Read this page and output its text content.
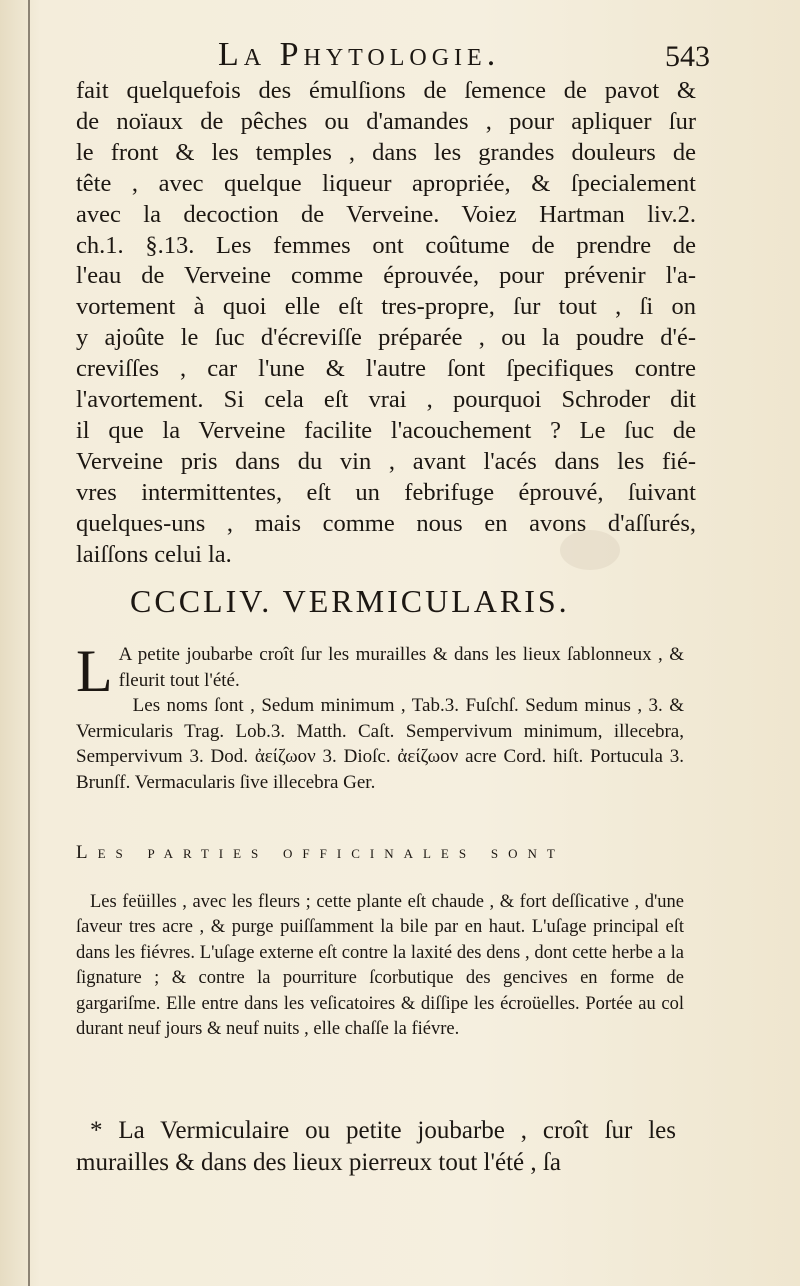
La Phytologie.	543
fait quelquefois des émulſions de ſemence de pavot &
de noïaux de pêches ou d'amandes , pour apliquer ſur
le front & les temples , dans les grandes douleurs de
tête , avec quelque liqueur apropriée, & ſpecialement
avec la decoction de Verveine. Voiez Hartman liv.2.
ch.1. §.13. Les femmes ont coûtume de prendre de
l'eau de Verveine comme éprouvée, pour prévenir l'a-
vortement à quoi elle eſt tres-propre, ſur tout , ſi on
y ajoûte le ſuc d'écreviſſe préparée , ou la poudre d'é-
creviſſes , car l'une & l'autre ſont ſpecifiques contre
l'avortement. Si cela eſt vrai , pourquoi Schroder dit
il que la Verveine facilite l'acouchement ? Le ſuc de
Verveine pris dans du vin , avant l'acés dans les fié-
vres intermittentes, eſt un febrifuge éprouvé, ſuivant
quelques-uns , mais comme nous en avons d'aſſurés,
laiſſons celui la.
CCCLIV. VERMICULARIS.
L A petite joubarbe croît ſur les murailles & dans les lieux ſablonneux , & fleurit tout l'été.

Les noms ſont , Sedum minimum , Tab.3. Fuſchſ. Sedum minus , 3. & Vermicularis Trag. Lob.3. Matth. Caſt. Sempervivum minimum, illecebra, Sempervivum 3. Dod. ἀείζωον 3. Dioſc. ἀείζωον acre Cord. hiſt. Portucula 3. Brunſf. Vermacularis ſive illecebra Ger.

Les parties officinales sont

Les feüilles , avec les fleurs ; cette plante eſt chaude , & fort deſſicative , d'une ſaveur tres acre , & purge puiſſamment la bile par en haut. L'uſage principal eſt dans les fiévres. L'uſage externe eſt contre la laxité des dens , dont cette herbe a la ſignature ; & contre la pourriture ſcorbutique des gencives en forme de gargariſme. Elle entre dans les veſicatoires & diſſipe les écroüelles. Portée au col durant neuf jours & neuf nuits , elle chaſſe la fiévre.

* La Vermiculaire ou petite joubarbe , croît ſur les murailles & dans des lieux pierreux tout l'été , ſa
